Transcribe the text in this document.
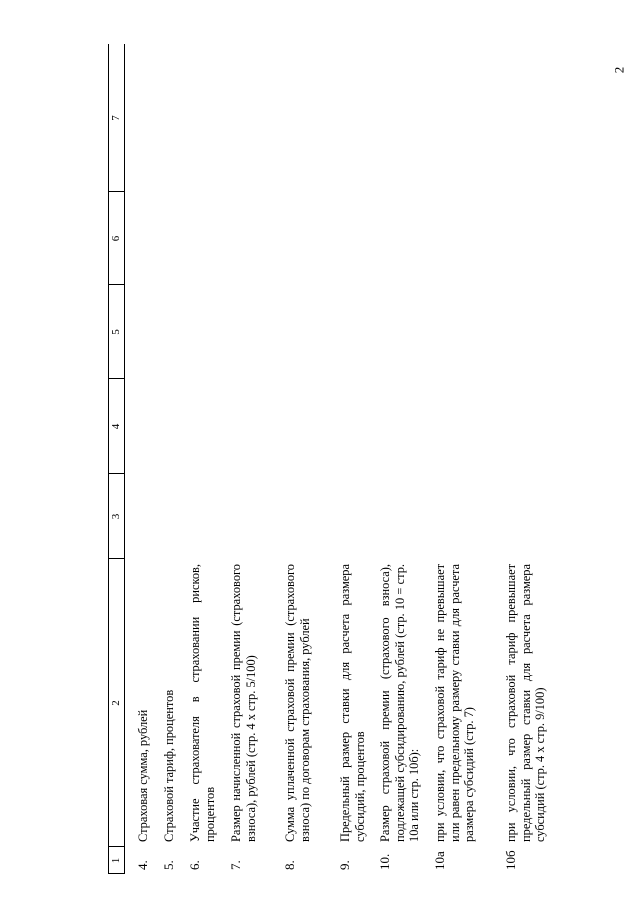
2
1
2
3
4
5
6
7
4.
Страховая сумма, рублей
5.
Страховой тариф, процентов
6.
Участие страхователя в страховании рисков, процентов
7.
Размер начисленной страховой премии (страхового взноса), рублей (стр. 4 x стр. 5/100)
8.
Сумма уплаченной страховой премии (страхового взноса) по договорам страхования, рублей
9.
Предельный размер ставки для расчета размера субсидий, процентов
10.
Размер страховой премии (страхового взноса), подлежащей субсидированию, рублей (стр. 10 = стр. 10а или стр. 10б):
10а
при условии, что страховой тариф не превышает или равен предельному размеру ставки для расчета размера субсидий (стр. 7)
10б
при условии, что страховой тариф превышает предельный размер ставки для расчета размера субсидий (стр. 4 x стр. 9/100)
